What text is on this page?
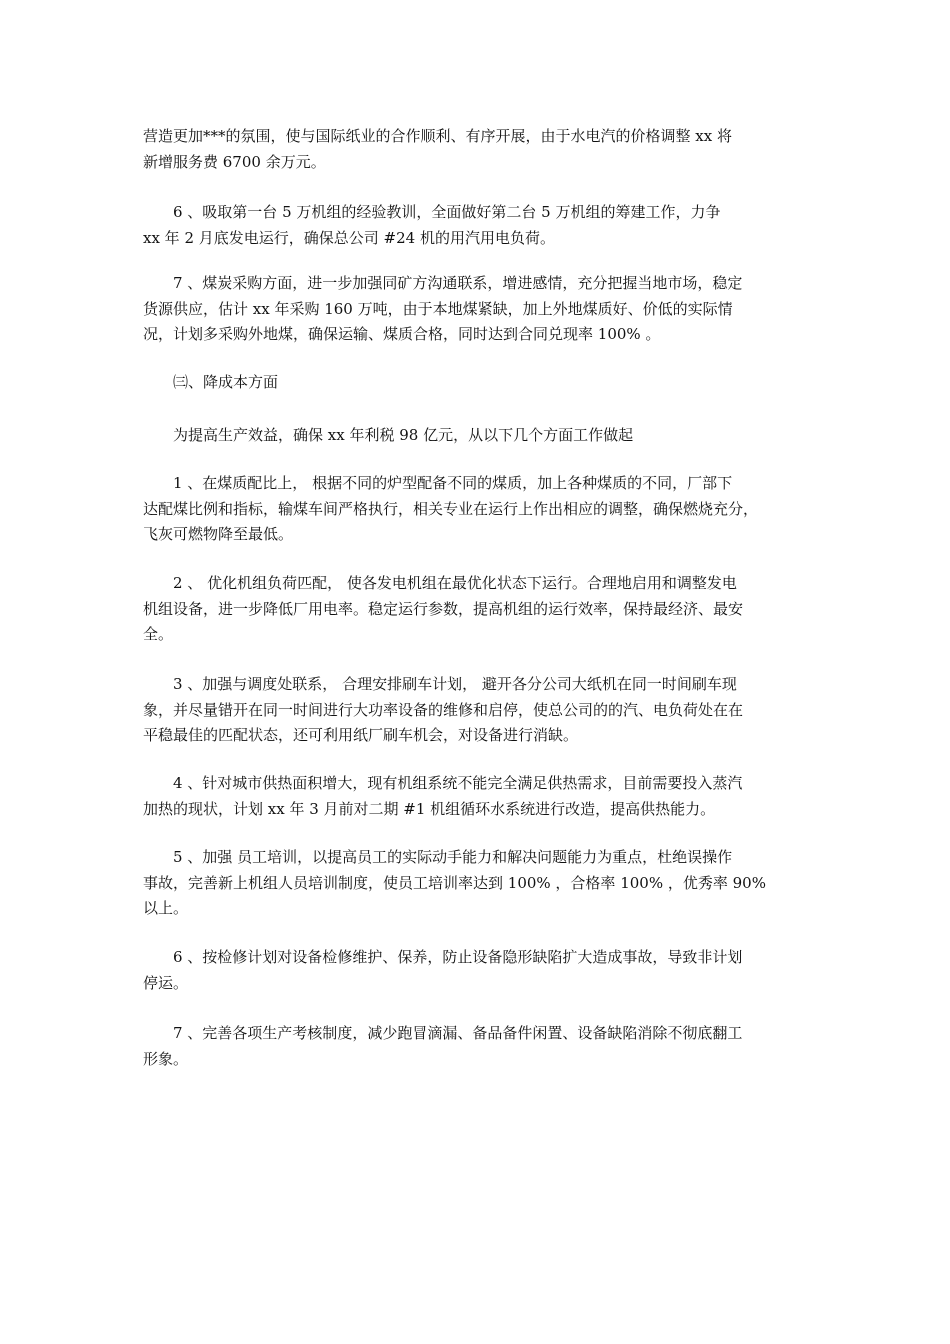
营造更加***的氛围，使与国际纸业的合作顺利、有序开展，由于水电汽的价格调整 xx 将
新增服务费 6700 余万元。
6 、吸取第一台 5 万机组的经验教训，全面做好第二台 5 万机组的筹建工作，力争
xx 年 2 月底发电运行，确保总公司 #24 机的用汽用电负荷。
7 、煤炭采购方面，进一步加强同矿方沟通联系，增进感情，充分把握当地市场，稳定
货源供应，估计 xx 年采购 160 万吨，由于本地煤紧缺，加上外地煤质好、价低的实际情
况，计划多采购外地煤，确保运输、煤质合格，同时达到合同兑现率 100% 。
㈢、降成本方面
为提高生产效益，确保 xx 年利税 98 亿元，从以下几个方面工作做起
1 、在煤质配比上， 根据不同的炉型配备不同的煤质，加上各种煤质的不同，厂部下
达配煤比例和指标，输煤车间严格执行，相关专业在运行上作出相应的调整，确保燃烧充分，
飞灰可燃物降至最低。
2 、 优化机组负荷匹配， 使各发电机组在最优化状态下运行。合理地启用和调整发电
机组设备，进一步降低厂用电率。稳定运行参数，提高机组的运行效率，保持最经济、最安
全。
3 、加强与调度处联系， 合理安排刷车计划， 避开各分公司大纸机在同一时间刷车现
象，并尽量错开在同一时间进行大功率设备的维修和启停，使总公司的的汽、电负荷处在在
平稳最佳的匹配状态，还可利用纸厂刷车机会，对设备进行消缺。
4 、针对城市供热面积增大，现有机组系统不能完全满足供热需求，目前需要投入蒸汽
加热的现状，计划 xx 年 3 月前对二期 #1 机组循环水系统进行改造，提高供热能力。
5 、加强 员工培训，以提高员工的实际动手能力和解决问题能力为重点，杜绝误操作
事故，完善新上机组人员培训制度，使员工培训率达到 100% ，合格率 100% ，优秀率 90%
以上。
6 、按检修计划对设备检修维护、保养，防止设备隐形缺陷扩大造成事故，导致非计划
停运。
7 、完善各项生产考核制度，减少跑冒滴漏、备品备件闲置、设备缺陷消除不彻底翻工
形象。
